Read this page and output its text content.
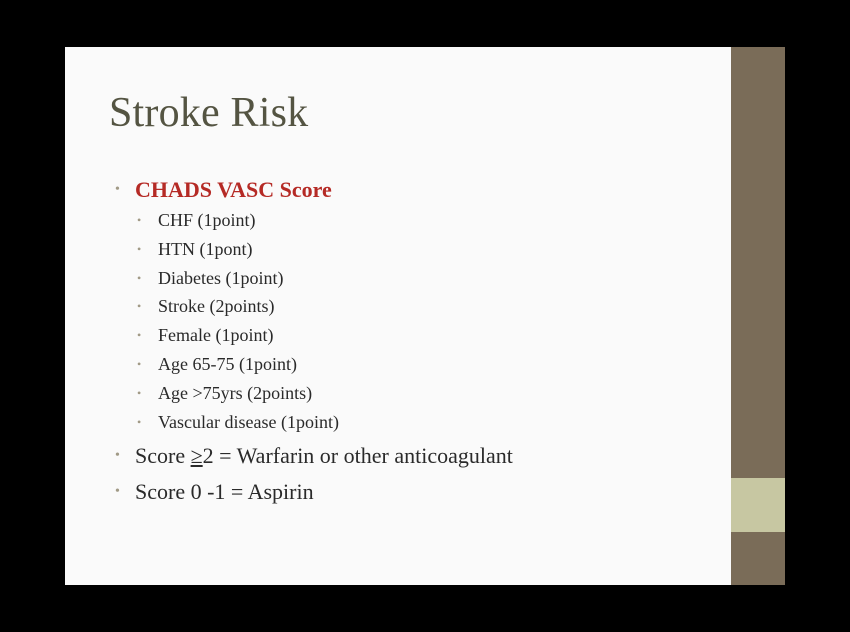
Stroke Risk
• CHADS VASC Score
• CHF (1point)
• HTN (1pont)
• Diabetes (1point)
• Stroke (2points)
• Female (1point)
• Age 65-75 (1point)
• Age >75yrs (2points)
• Vascular disease (1point)
• Score ≥2 = Warfarin or other anticoagulant
• Score 0 -1 = Aspirin
